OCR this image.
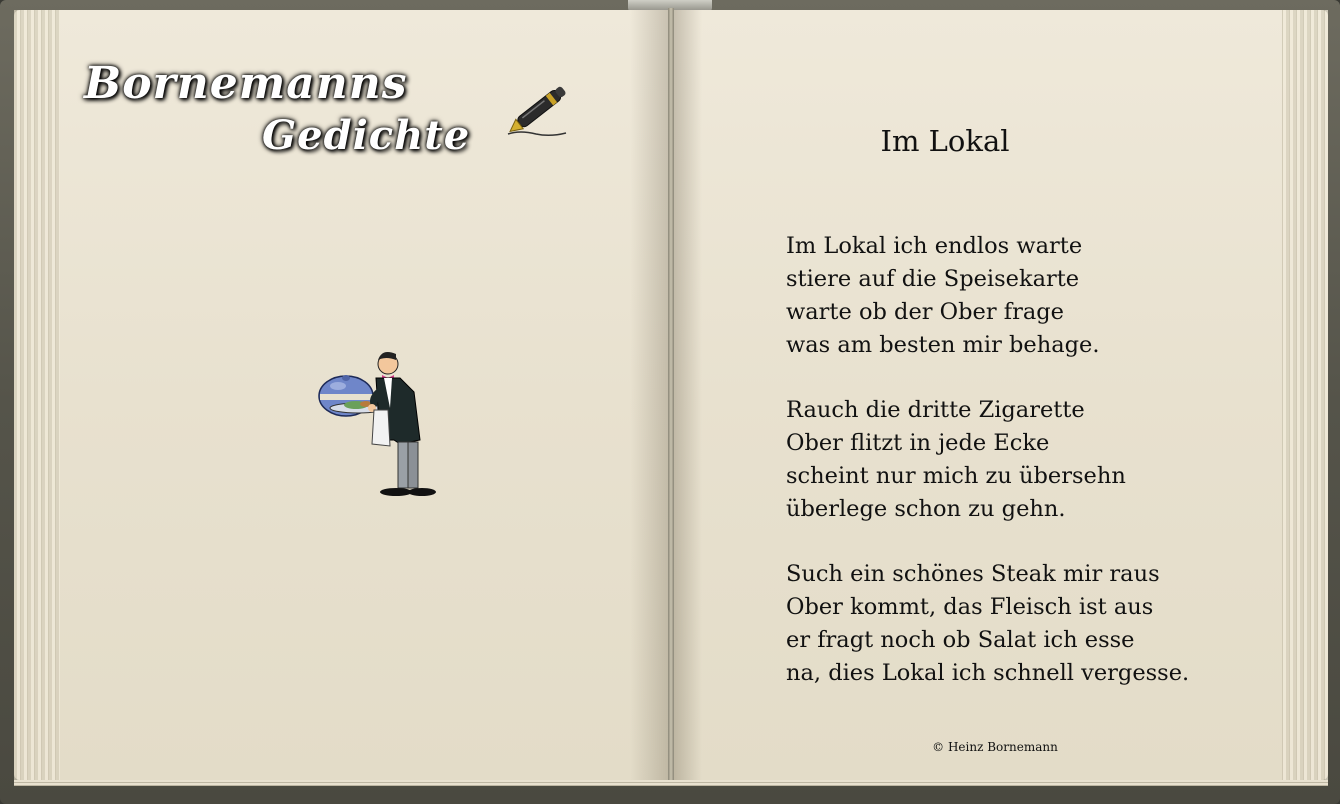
Bornemanns
Gedichte	Im Lokal
Im Lokal ich endlos warte
stiere auf die Speisekarte
warte ob der Ober frage
was am besten mir behage.
Rauch die dritte Zigarette
Ober flitzt in jede Ecke
scheint nur mich zu übersehn
überlege schon zu gehn.
Such ein schönes Steak mir raus
Ober kommt, das Fleisch ist aus
er fragt noch ob Salat ich esse
na, dies Lokal ich schnell vergesse.
© Heinz Bornemann
